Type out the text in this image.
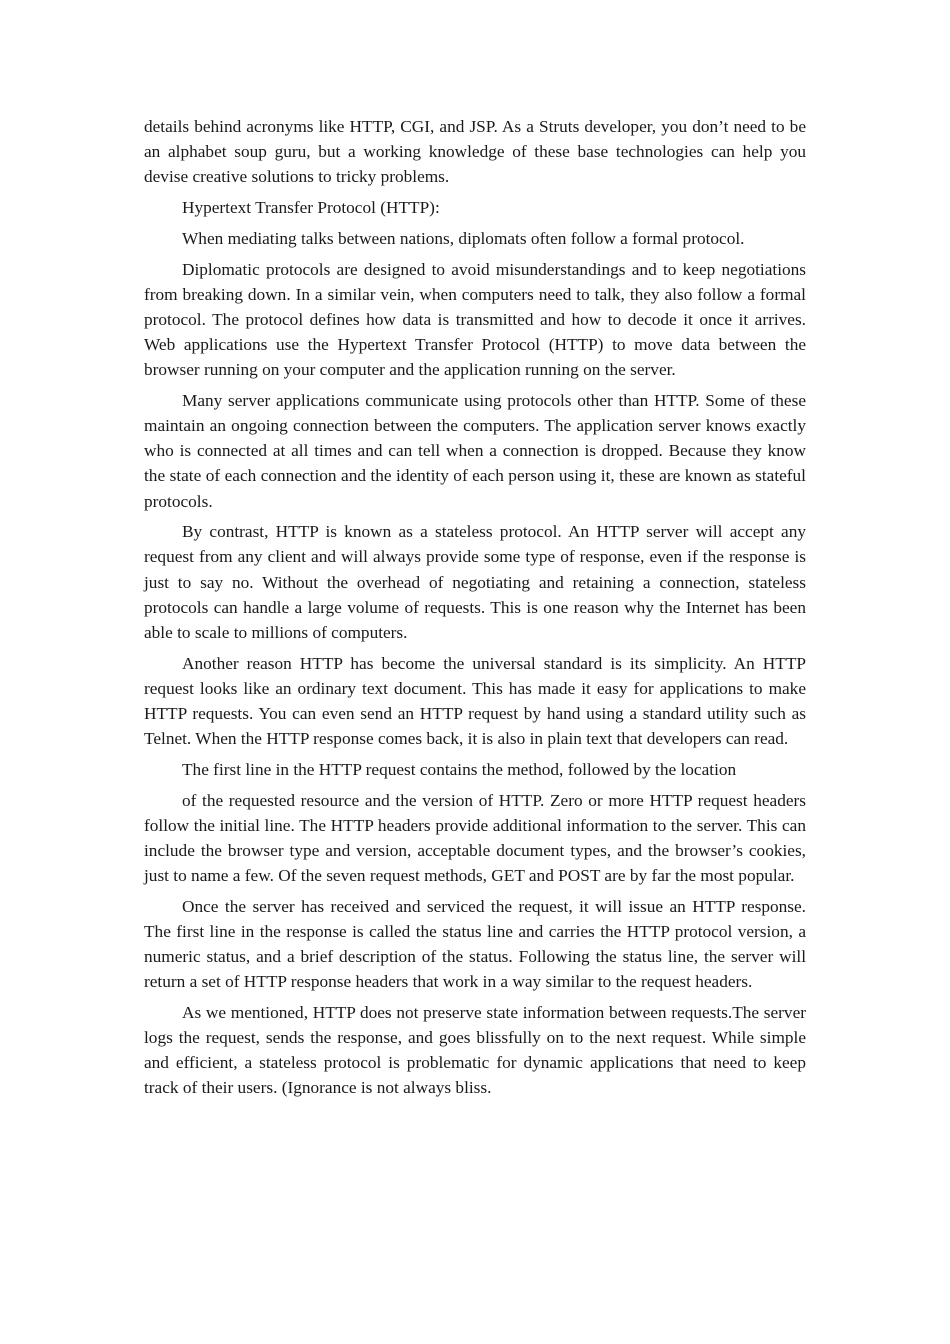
details behind acronyms like HTTP, CGI, and JSP. As a Struts developer, you don’t need to be an alphabet soup guru, but a working knowledge of these base technologies can help you devise creative solutions to tricky problems.

Hypertext Transfer Protocol (HTTP):

When mediating talks between nations, diplomats often follow a formal protocol.

Diplomatic protocols are designed to avoid misunderstandings and to keep negotiations from breaking down. In a similar vein, when computers need to talk, they also follow a formal protocol. The protocol defines how data is transmitted and how to decode it once it arrives. Web applications use the Hypertext Transfer Protocol (HTTP) to move data between the browser running on your computer and the application running on the server.

Many server applications communicate using protocols other than HTTP. Some of these maintain an ongoing connection between the computers. The application server knows exactly who is connected at all times and can tell when a connection is dropped. Because they know the state of each connection and the identity of each person using it, these are known as stateful protocols.

By contrast, HTTP is known as a stateless protocol. An HTTP server will accept any request from any client and will always provide some type of response, even if the response is just to say no. Without the overhead of negotiating and retaining a connection, stateless protocols can handle a large volume of requests. This is one reason why the Internet has been able to scale to millions of computers.

Another reason HTTP has become the universal standard is its simplicity. An HTTP request looks like an ordinary text document. This has made it easy for applications to make HTTP requests. You can even send an HTTP request by hand using a standard utility such as Telnet. When the HTTP response comes back, it is also in plain text that developers can read.

The first line in the HTTP request contains the method, followed by the location

of the requested resource and the version of HTTP. Zero or more HTTP request headers follow the initial line. The HTTP headers provide additional information to the server. This can include the browser type and version, acceptable document types, and the browser’s cookies, just to name a few. Of the seven request methods, GET and POST are by far the most popular.

Once the server has received and serviced the request, it will issue an HTTP response. The first line in the response is called the status line and carries the HTTP protocol version, a numeric status, and a brief description of the status. Following the status line, the server will return a set of HTTP response headers that work in a way similar to the request headers.

As we mentioned, HTTP does not preserve state information between requests.The server logs the request, sends the response, and goes blissfully on to the next request. While simple and efficient, a stateless protocol is problematic for dynamic applications that need to keep track of their users. (Ignorance is not always bliss.
